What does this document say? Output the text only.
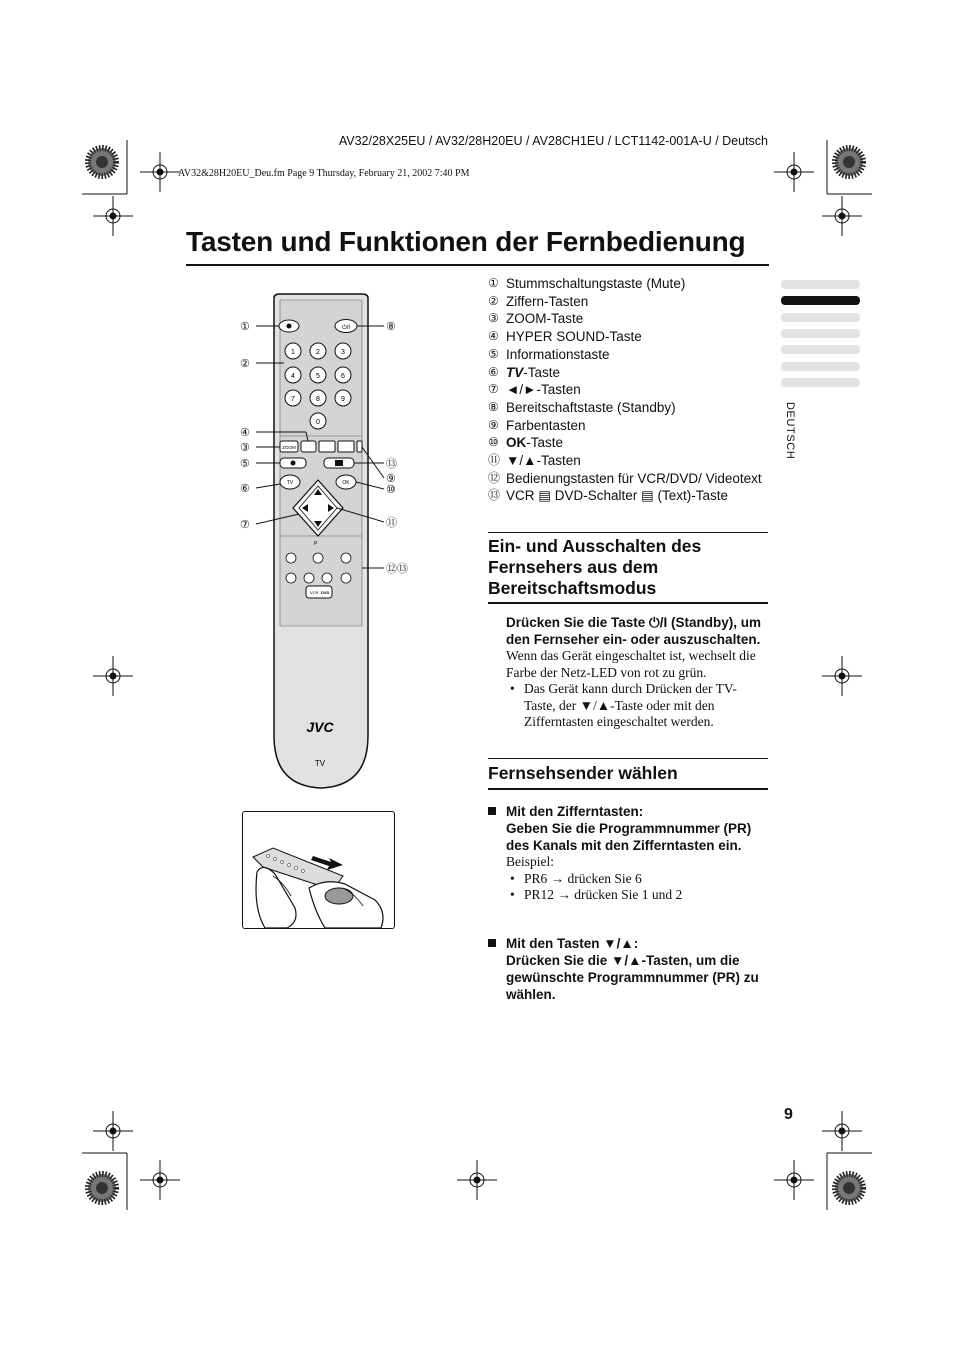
AV32/28X25EU / AV32/28H20EU / AV28CH1EU / LCT1142-001A-U / Deutsch
AV32&28H20EU_Deu.fm Page 9 Thursday, February 21, 2002 7:40 PM
Tasten und Funktionen der Fernbedienung
⏻/I
1	2	3
4	5	6
7	8	9
0
ZOOM
TV	OK
P
VCR DVD
JVC
TV
①
②
④
③
⑤
⑥
⑦
⑧
⑬
⑨
⑩
⑪
⑫⑬
① Stummschaltungstaste (Mute)
② Ziffern-Tasten
③ ZOOM-Taste
④ HYPER SOUND-Taste
⑤ Informationstaste
⑥ TV-Taste
⑦ ◄/►-Tasten
⑧ Bereitschaftstaste (Standby)
⑨ Farbentasten
⑩ OK-Taste
⑪ ▼/▲-Tasten
⑫ Bedienungstasten für VCR/DVD/ Videotext
⑬ VCR ▤ DVD-Schalter ▤ (Text)-Taste
Ein- und Ausschalten des Fernsehers aus dem Bereitschaftsmodus
Drücken Sie die Taste ⏻/I (Standby), um den Fernseher ein- oder auszuschalten.
Wenn das Gerät eingeschaltet ist, wechselt die Farbe der Netz-LED von rot zu grün.
• Das Gerät kann durch Drücken der TV-Taste, der ▼/▲-Taste oder mit den Zifferntasten eingeschaltet werden.
Fernsehsender wählen
Mit den Zifferntasten:
Geben Sie die Programmnummer (PR) des Kanals mit den Zifferntasten ein.
Beispiel:
• PR6 → drücken Sie 6
• PR12 → drücken Sie 1 und 2
Mit den Tasten ▼/▲:
Drücken Sie die ▼/▲-Tasten, um die gewünschte Programmnummer (PR) zu wählen.
DEUTSCH
9
